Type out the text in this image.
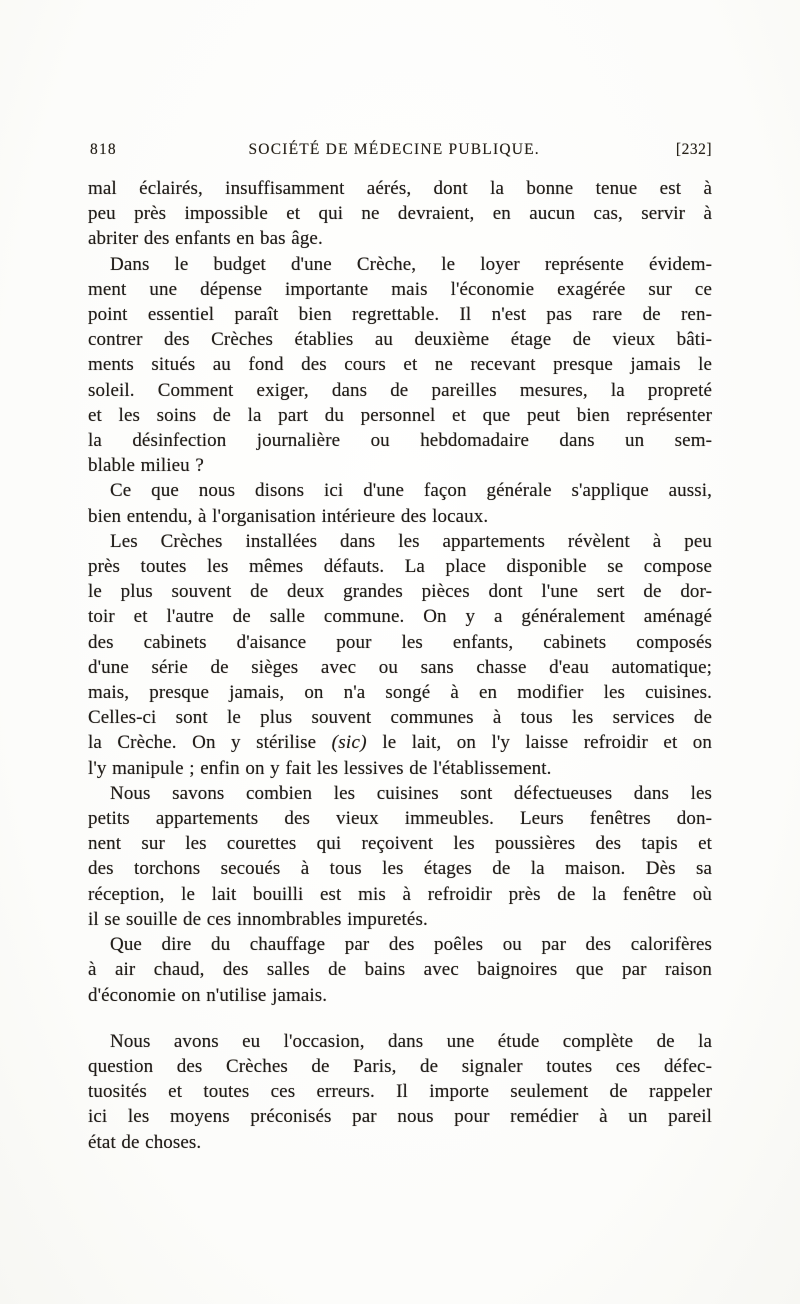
818	SOCIÉTÉ DE MÉDECINE PUBLIQUE.	[232]
mal éclairés, insuffisamment aérés, dont la bonne tenue est à
peu près impossible et qui ne devraient, en aucun cas, servir à
abriter des enfants en bas âge.
Dans le budget d'une Crèche, le loyer représente évidem-
ment une dépense importante mais l'économie exagérée sur ce
point essentiel paraît bien regrettable. Il n'est pas rare de ren-
contrer des Crèches établies au deuxième étage de vieux bâti-
ments situés au fond des cours et ne recevant presque jamais le
soleil. Comment exiger, dans de pareilles mesures, la propreté
et les soins de la part du personnel et que peut bien représenter
la désinfection journalière ou hebdomadaire dans un sem-
blable milieu ?
Ce que nous disons ici d'une façon générale s'applique aussi,
bien entendu, à l'organisation intérieure des locaux.
Les Crèches installées dans les appartements révèlent à peu
près toutes les mêmes défauts. La place disponible se compose
le plus souvent de deux grandes pièces dont l'une sert de dor-
toir et l'autre de salle commune. On y a généralement aménagé
des cabinets d'aisance pour les enfants, cabinets composés
d'une série de sièges avec ou sans chasse d'eau automatique;
mais, presque jamais, on n'a songé à en modifier les cuisines.
Celles-ci sont le plus souvent communes à tous les services de
la Crèche. On y stérilise (sic) le lait, on l'y laisse refroidir et on
l'y manipule ; enfin on y fait les lessives de l'établissement.
Nous savons combien les cuisines sont défectueuses dans les
petits appartements des vieux immeubles. Leurs fenêtres don-
nent sur les courettes qui reçoivent les poussières des tapis et
des torchons secoués à tous les étages de la maison. Dès sa
réception, le lait bouilli est mis à refroidir près de la fenêtre où
il se souille de ces innombrables impuretés.
Que dire du chauffage par des poêles ou par des calorifères
à air chaud, des salles de bains avec baignoires que par raison
d'économie on n'utilise jamais.
Nous avons eu l'occasion, dans une étude complète de la
question des Crèches de Paris, de signaler toutes ces défec-
tuosités et toutes ces erreurs. Il importe seulement de rappeler
ici les moyens préconisés par nous pour remédier à un pareil
état de choses.
